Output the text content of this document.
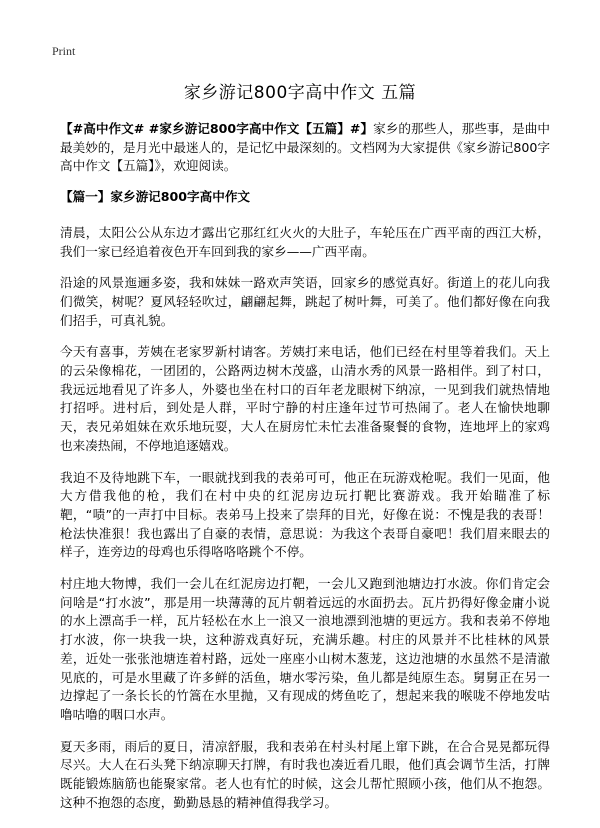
Print
家乡游记800字高中作文 五篇

【#高中作文# #家乡游记800字高中作文【五篇】#】家乡的那些人，那些事，是曲中最美妙的，是月光中最迷人的，是记忆中最深刻的。文档网为大家提供《家乡游记800字高中作文【五篇】》，欢迎阅读。

【篇一】家乡游记800字高中作文

清晨，太阳公公从东边才露出它那红红火火的大肚子，车轮压在广西平南的西江大桥，我们一家已经追着夜色开车回到我的家乡——广西平南。

沿途的风景迤逦多姿，我和妹妹一路欢声笑语，回家乡的感觉真好。街道上的花儿向我们微笑，树呢？夏风轻轻吹过，翩翩起舞，跳起了树叶舞，可美了。他们都好像在向我们招手，可真礼貌。

今天有喜事，芳姨在老家罗新村请客。芳姨打来电话，他们已经在村里等着我们。天上的云朵像棉花，一团团的，公路两边树木茂盛，山清水秀的风景一路相伴。到了村口，我远远地看见了许多人，外婆也坐在村口的百年老龙眼树下纳凉，一见到我们就热情地打招呼。进村后，到处是人群，平时宁静的村庄逢年过节可热闹了。老人在愉快地聊天，表兄弟姐妹在欢乐地玩耍，大人在厨房忙未忙去准备聚餐的食物，连地坪上的家鸡也来凑热闹，不停地追逐嬉戏。

我迫不及待地跳下车，一眼就找到我的表弟可可，他正在玩游戏枪呢。我们一见面，他大方借我他的枪，我们在村中央的红泥房边玩打靶比赛游戏。我开始瞄准了标靶，“啧”的一声打中目标。表弟马上投来了崇拜的目光，好像在说：不愧是我的表哥！枪法快准狠！我也露出了自豪的表情，意思说：为我这个表哥自豪吧！我们眉来眼去的样子，连旁边的母鸡也乐得咯咯咯跳个不停。

村庄地大物博，我们一会儿在红泥房边打靶，一会儿又跑到池塘边打水波。你们肯定会问啥是“打水波”，那是用一块薄薄的瓦片朝着远远的水面扔去。瓦片扔得好像金庸小说的水上漂高手一样，瓦片轻松在水上一浪又一浪地漂到池塘的更远方。我和表弟不停地打水波，你一块我一块，这种游戏真好玩，充满乐趣。村庄的风景并不比桂林的风景差，近处一张张池塘连着村路，远处一座座小山树木葱茏，这边池塘的水虽然不是清澈见底的，可是水里藏了许多鲜的活鱼，塘水零污染，鱼儿都是纯原生态。舅舅正在另一边撑起了一条长长的竹篙在水里抛，又有现成的烤鱼吃了，想起来我的喉咙不停地发咕噜咕噜的咽口水声。

夏天多雨，雨后的夏日，清凉舒服，我和表弟在村头村尾上窜下跳，在合合晃晃都玩得尽兴。大人在石头凳下纳凉聊天打牌，有时我也凑近看几眼，他们真会调节生活，打牌既能锻炼脑筋也能聚家常。老人也有忙的时候，这会儿帮忙照顾小孩，他们从不抱怨。这种不抱怨的态度，勤勤恳恳的精神值得我学习。
